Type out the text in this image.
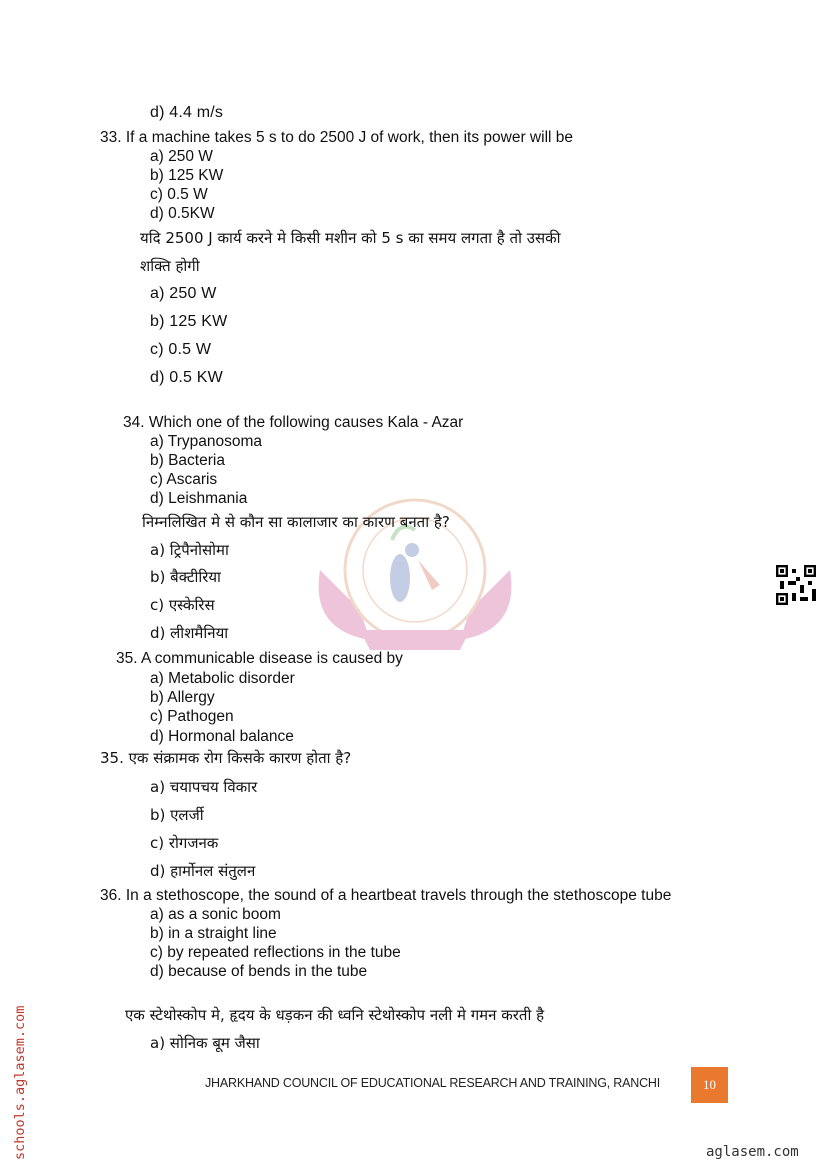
d) 4.4 m/s
33. If a machine takes 5 s to do 2500 J of work, then its power will be
a) 250 W
b) 125 KW
c) 0.5 W
d) 0.5KW
यदि 2500 J कार्य करने मे किसी मशीन को 5 s का समय लगता है तो उसकी
शक्ति होगी
a) 250 W
b) 125 KW
c) 0.5 W
d) 0.5 KW
34. Which one of the following causes Kala - Azar
a) Trypanosoma
b) Bacteria
c) Ascaris
d) Leishmania
निम्नलिखित मे से कौन सा कालाजार का कारण बनता है?
a) ट्रिपैनोसोमा
b) बैक्टीरिया
c) एस्केरिस
d) लीशमैनिया
35. A communicable disease is caused by
a) Metabolic disorder
b) Allergy
c) Pathogen
d) Hormonal balance
35. एक संक्रामक रोग किसके कारण होता है?
a) चयापचय विकार
b) एलर्जी
c) रोगजनक
d) हार्मोनल संतुलन
36. In a stethoscope, the sound of a heartbeat travels through the stethoscope tube
a) as a sonic boom
b) in a straight line
c) by repeated reflections in the tube
d) because of bends in the tube
एक स्टेथोस्कोप मे, हृदय के धड़कन की ध्वनि स्टेथोस्कोप नली मे गमन करती है
a) सोनिक बूम जैसा
JHARKHAND COUNCIL OF EDUCATIONAL RESEARCH AND TRAINING, RANCHI	10
schools.aglasem.com	aglasem.com
